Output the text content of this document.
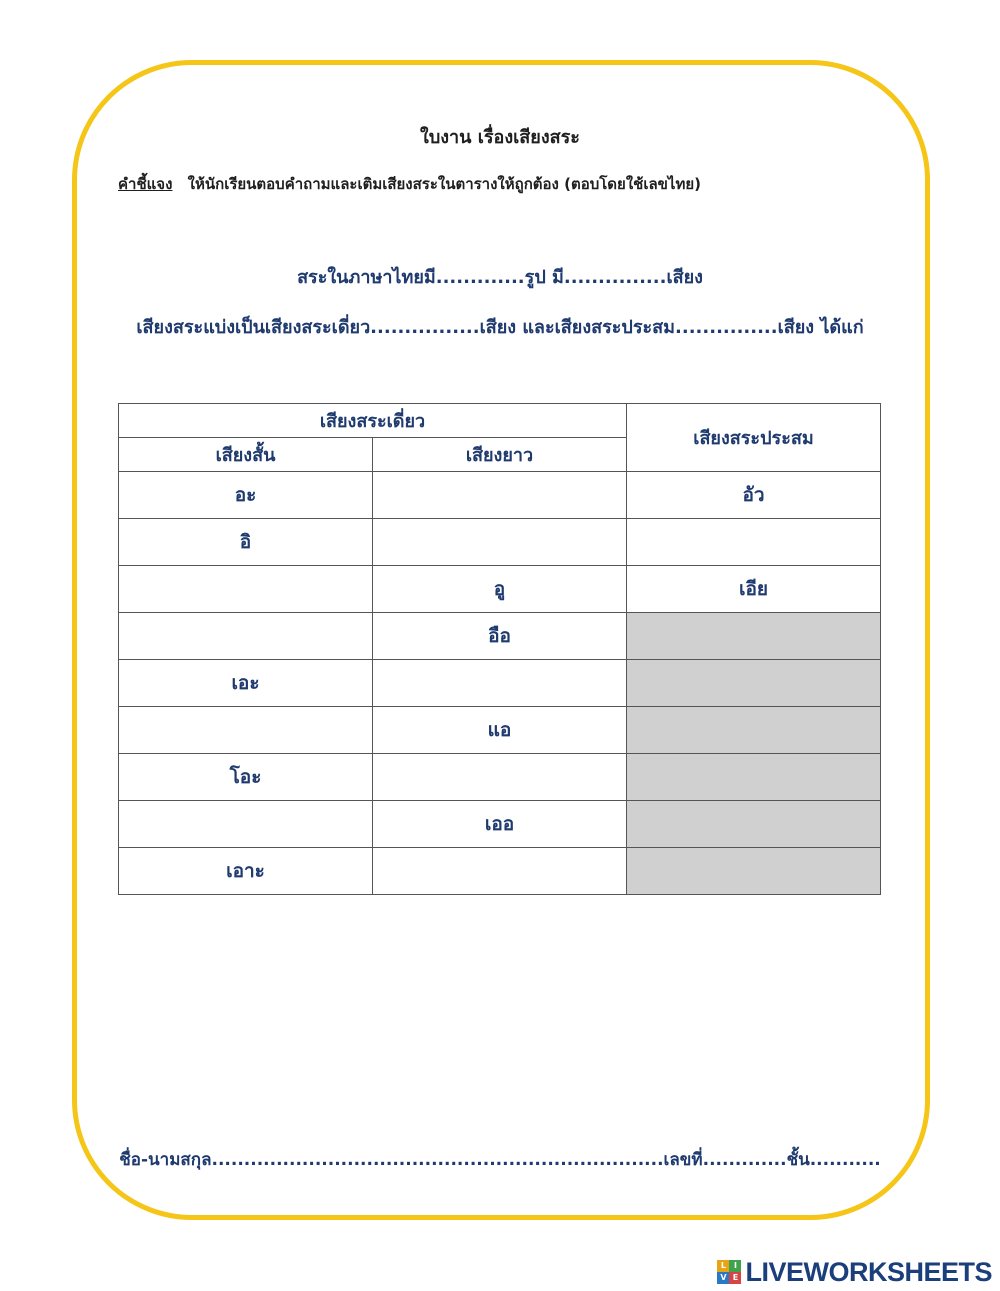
ใบงาน เรื่องเสียงสระ
คำชี้แจง ให้นักเรียนตอบคำถามและเติมเสียงสระในตารางให้ถูกต้อง (ตอบโดยใช้เลขไทย)
สระในภาษาไทยมี.............รูป มี...............เสียง
เสียงสระแบ่งเป็นเสียงสระเดี่ยว................เสียง และเสียงสระประสม...............เสียง ได้แก่
เสียงสระเดี่ยว		เสียงสระประสม
เสียงสั้น	เสียงยาว	
อะ		อัว
อิ		
	อู	เอีย
	อือ	
เอะ		
	แอ	
โอะ		
	เออ	
เอาะ		
ชื่อ-นามสกุล......................................................................เลขที่.............ชั้น...........
L I
V E LIVEWORKSHEETS
